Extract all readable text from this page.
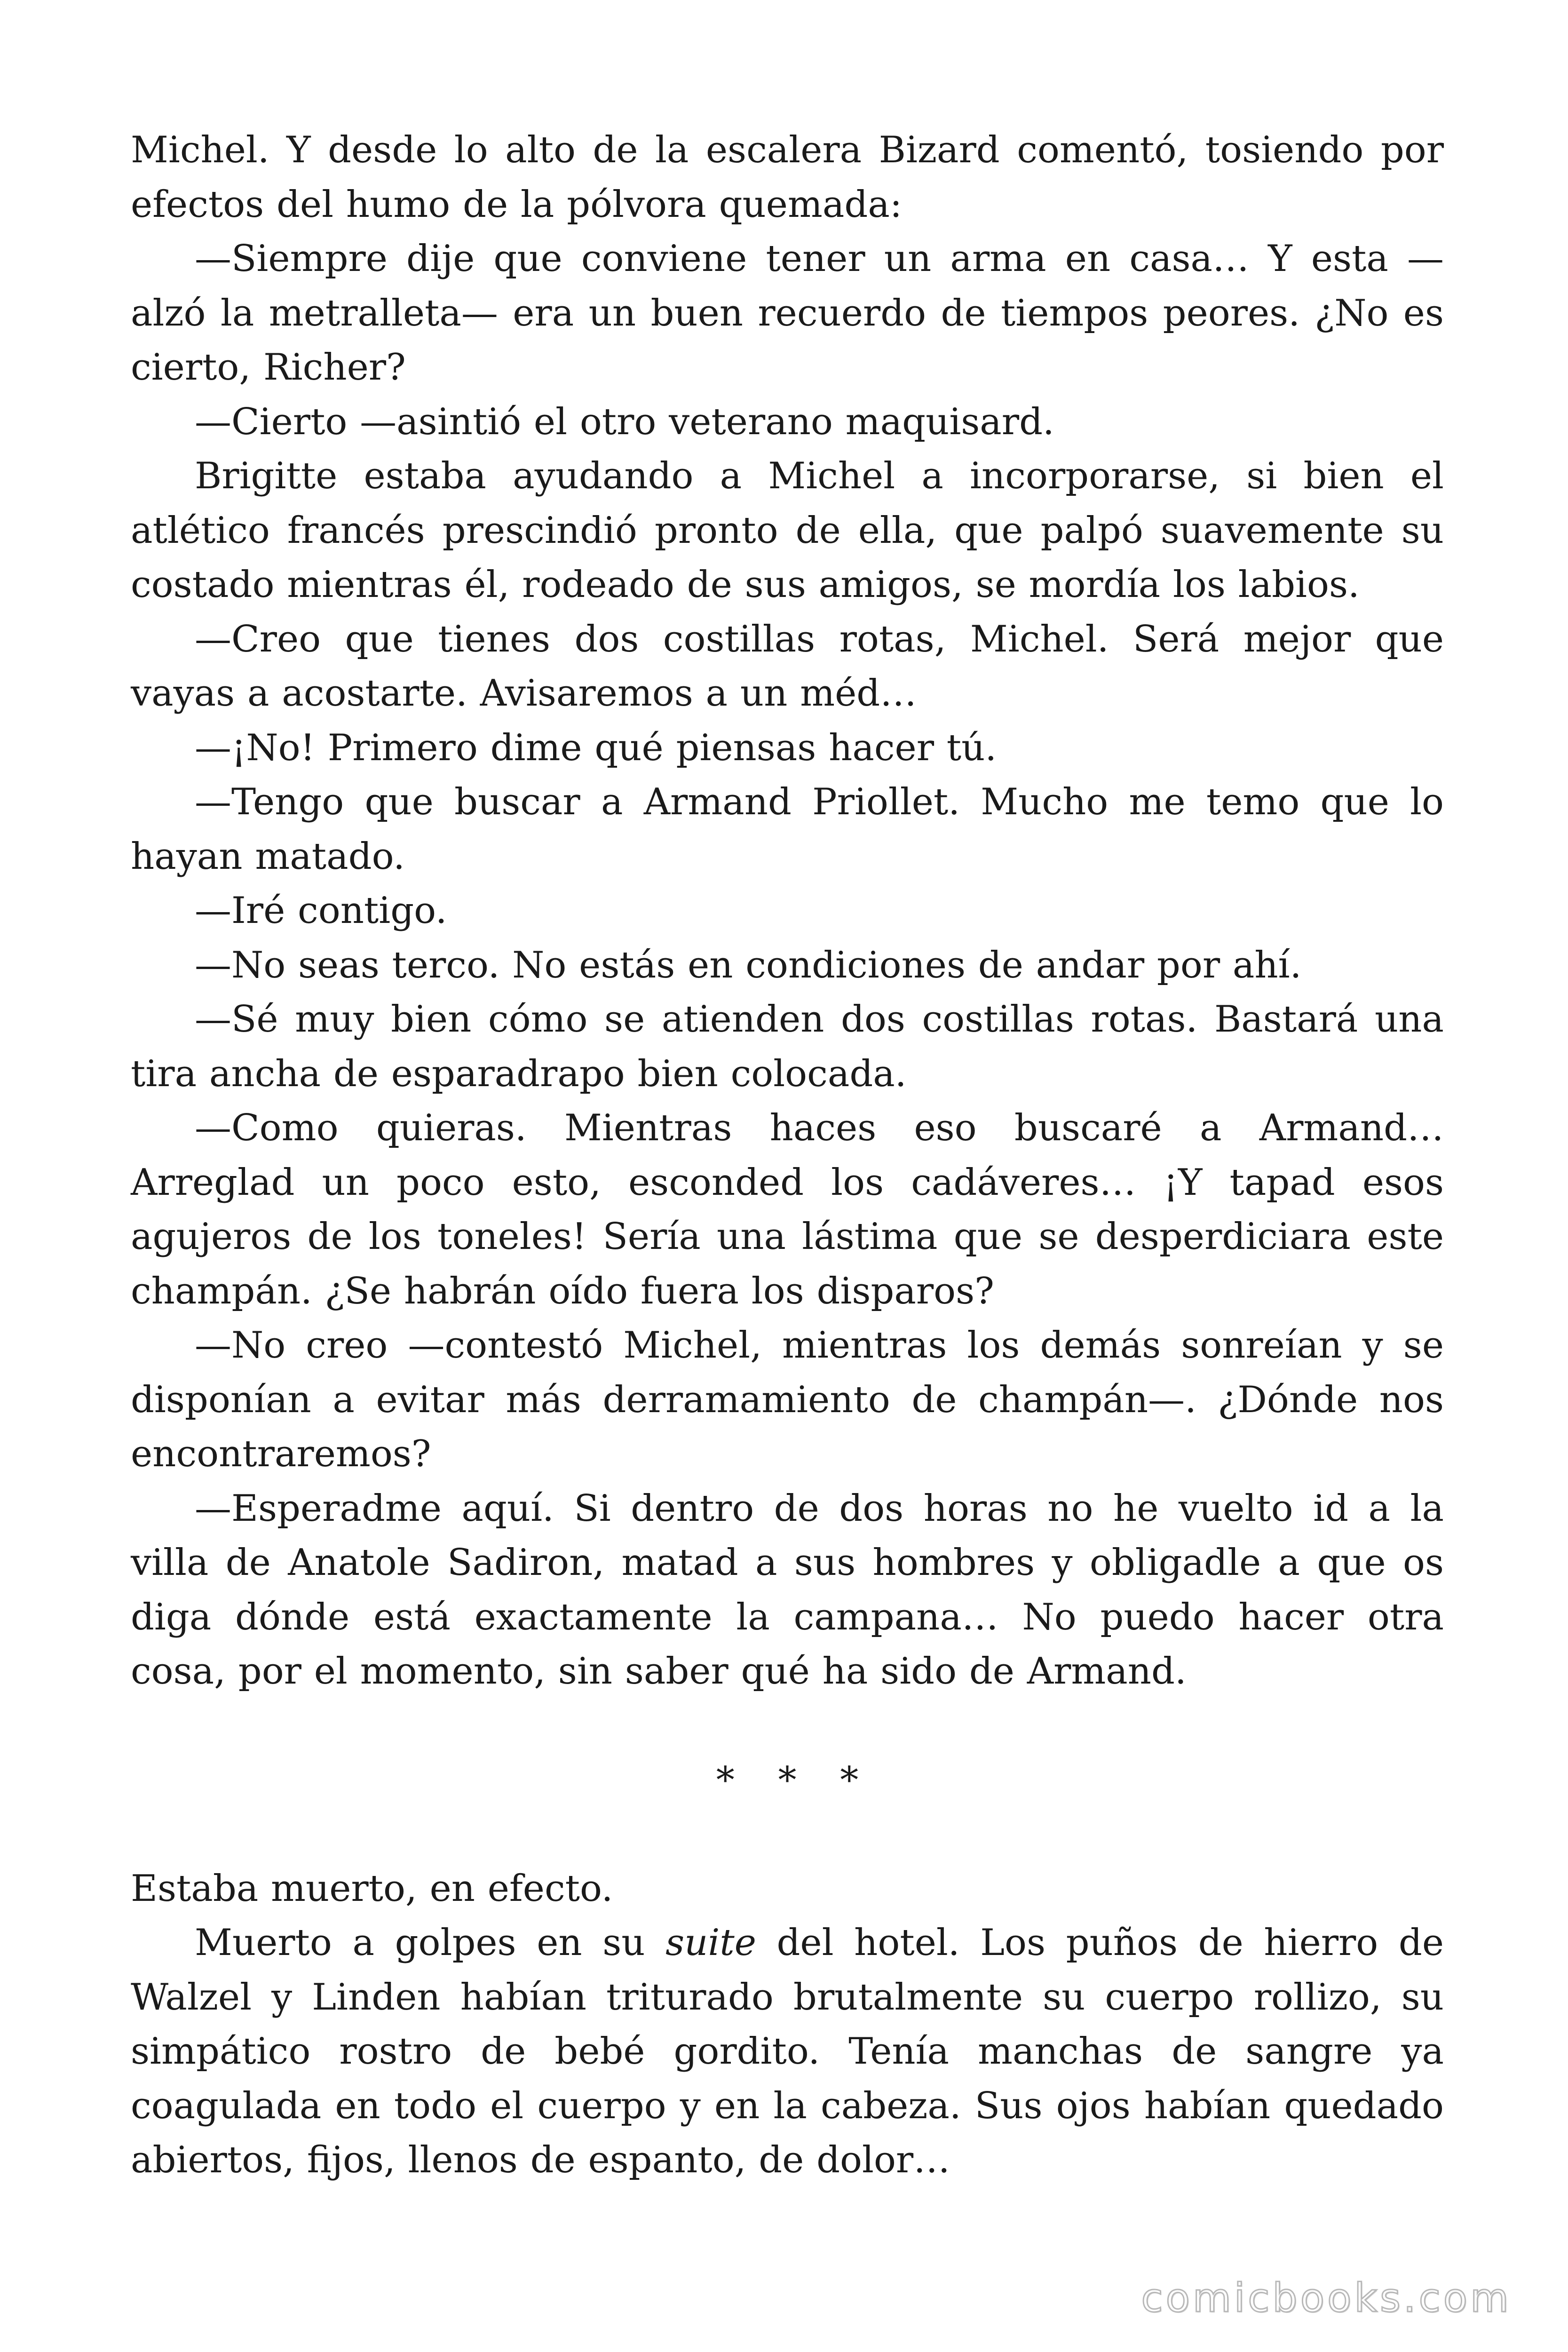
Michel. Y desde lo alto de la escalera Bizard comentó, tosiendo por efectos del humo de la pólvora quemada:

—Siempre dije que conviene tener un arma en casa… Y esta —alzó la metralleta— era un buen recuerdo de tiempos peores. ¿No es cierto, Richer?

—Cierto —asintió el otro veterano maquisard.

Brigitte estaba ayudando a Michel a incorporarse, si bien el atlético francés prescindió pronto de ella, que palpó suavemente su costado mientras él, rodeado de sus amigos, se mordía los labios.

—Creo que tienes dos costillas rotas, Michel. Será mejor que vayas a acostarte. Avisaremos a un méd…

—¡No! Primero dime qué piensas hacer tú.

—Tengo que buscar a Armand Priollet. Mucho me temo que lo hayan matado.

—Iré contigo.

—No seas terco. No estás en condiciones de andar por ahí.

—Sé muy bien cómo se atienden dos costillas rotas. Bastará una tira ancha de esparadrapo bien colocada.

—Como quieras. Mientras haces eso buscaré a Armand… Arreglad un poco esto, esconded los cadáveres… ¡Y tapad esos agujeros de los toneles! Sería una lástima que se desperdiciara este champán. ¿Se habrán oído fuera los disparos?

—No creo —contestó Michel, mientras los demás sonreían y se disponían a evitar más derramamiento de champán—. ¿Dónde nos encontraremos?

—Esperadme aquí. Si dentro de dos horas no he vuelto id a la villa de Anatole Sadiron, matad a sus hombres y obligadle a que os diga dónde está exactamente la campana… No puedo hacer otra cosa, por el momento, sin saber qué ha sido de Armand.

* * *

Estaba muerto, en efecto.

Muerto a golpes en su suite del hotel. Los puños de hierro de Walzel y Linden habían triturado brutalmente su cuerpo rollizo, su simpático rostro de bebé gordito. Tenía manchas de sangre ya coagulada en todo el cuerpo y en la cabeza. Sus ojos habían quedado abiertos, fijos, llenos de espanto, de dolor…

comicbooks.com
